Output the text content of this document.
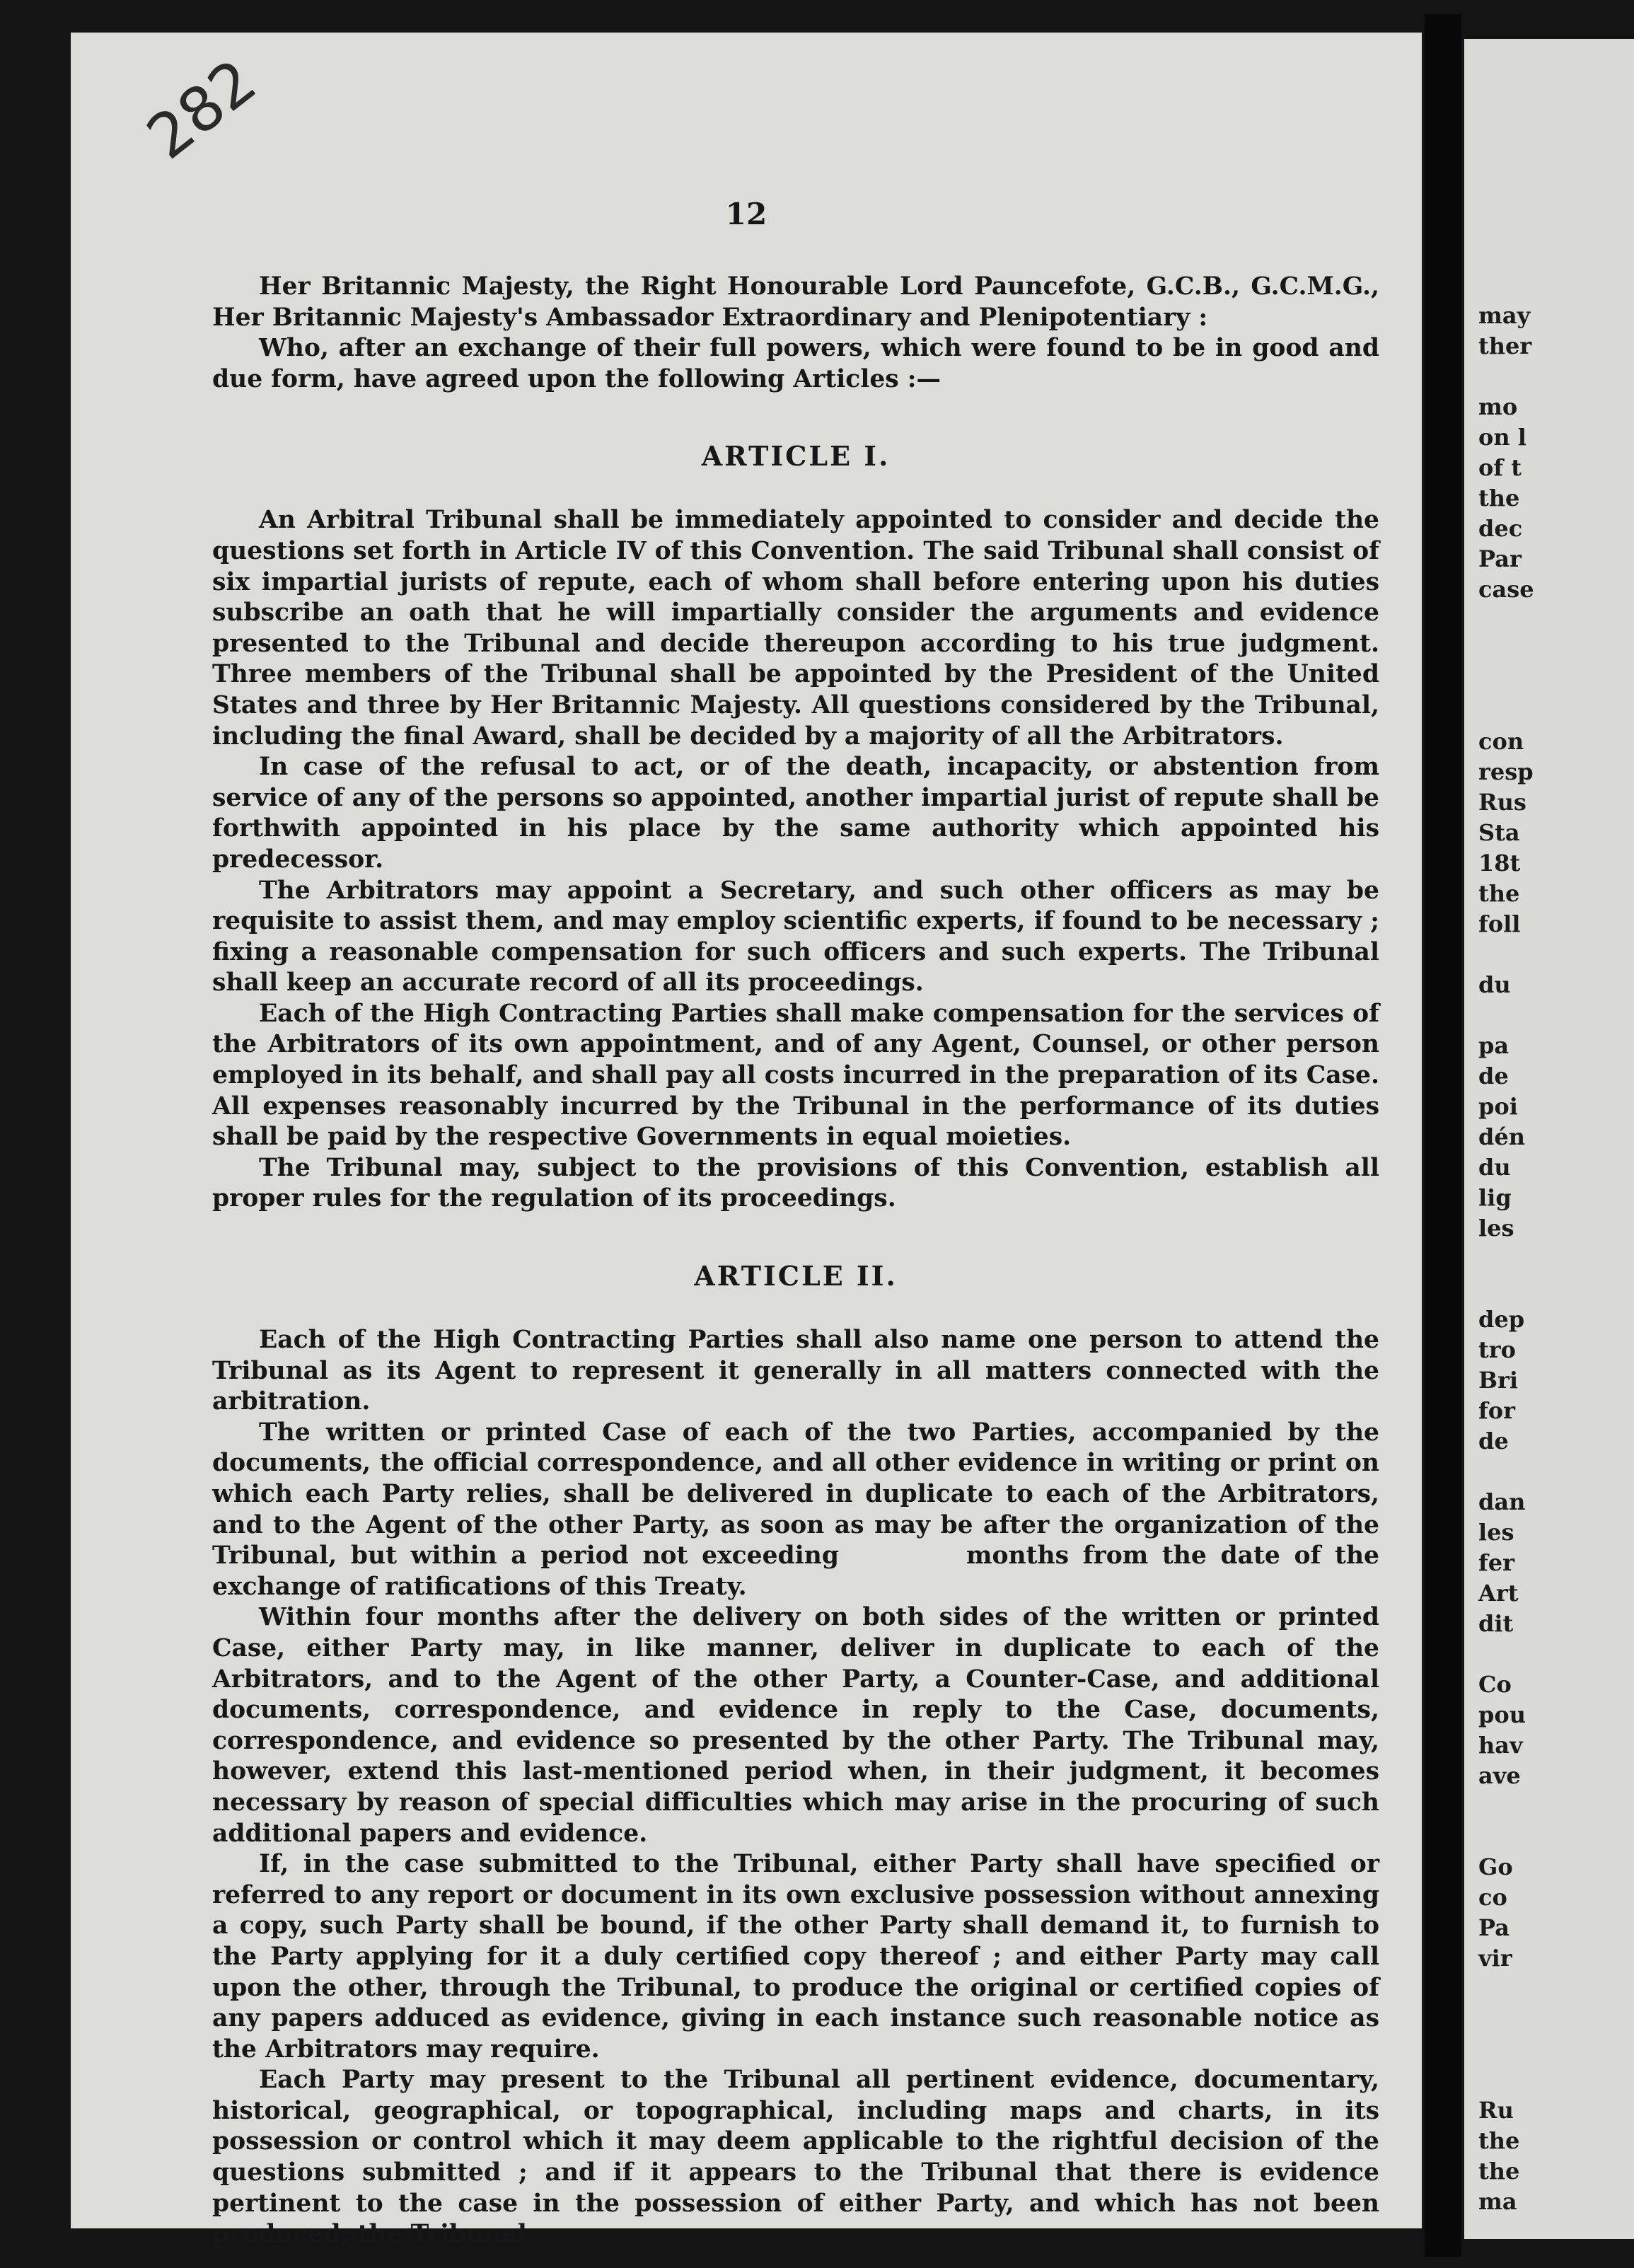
282
12

Her Britannic Majesty, the Right Honourable Lord Pauncefote, G.C.B., G.C.M.G., Her Britannic Majesty's Ambassador Extraordinary and Plenipotentiary :

Who, after an exchange of their full powers, which were found to be in good and due form, have agreed upon the following Articles :—

ARTICLE I.

An Arbitral Tribunal shall be immediately appointed to consider and decide the questions set forth in Article IV of this Convention. The said Tribunal shall consist of six impartial jurists of repute, each of whom shall before entering upon his duties subscribe an oath that he will impartially consider the arguments and evidence presented to the Tribunal and decide thereupon according to his true judgment. Three members of the Tribunal shall be appointed by the President of the United States and three by Her Britannic Majesty. All questions considered by the Tribunal, including the final Award, shall be decided by a majority of all the Arbitrators.

In case of the refusal to act, or of the death, incapacity, or abstention from service of any of the persons so appointed, another impartial jurist of repute shall be forthwith appointed in his place by the same authority which appointed his predecessor.

The Arbitrators may appoint a Secretary, and such other officers as may be requisite to assist them, and may employ scientific experts, if found to be necessary ; fixing a reasonable compensation for such officers and such experts. The Tribunal shall keep an accurate record of all its proceedings.

Each of the High Contracting Parties shall make compensation for the services of the Arbitrators of its own appointment, and of any Agent, Counsel, or other person employed in its behalf, and shall pay all costs incurred in the preparation of its Case. All expenses reasonably incurred by the Tribunal in the performance of its duties shall be paid by the respective Governments in equal moieties.

The Tribunal may, subject to the provisions of this Convention, establish all proper rules for the regulation of its proceedings.

ARTICLE II.

Each of the High Contracting Parties shall also name one person to attend the Tribunal as its Agent to represent it generally in all matters connected with the arbitration.

The written or printed Case of each of the two Parties, accompanied by the documents, the official correspondence, and all other evidence in writing or print on which each Party relies, shall be delivered in duplicate to each of the Arbitrators, and to the Agent of the other Party, as soon as may be after the organization of the Tribunal, but within a period not exceeding	months from the date of the exchange of ratifications of this Treaty.

Within four months after the delivery on both sides of the written or printed Case, either Party may, in like manner, deliver in duplicate to each of the Arbitrators, and to the Agent of the other Party, a Counter-Case, and additional documents, correspondence, and evidence in reply to the Case, documents, correspondence, and evidence so presented by the other Party. The Tribunal may, however, extend this last-mentioned period when, in their judgment, it becomes necessary by reason of special difficulties which may arise in the procuring of such additional papers and evidence.

If, in the case submitted to the Tribunal, either Party shall have specified or referred to any report or document in its own exclusive possession without annexing a copy, such Party shall be bound, if the other Party shall demand it, to furnish to the Party applying for it a duly certified copy thereof ; and either Party may call upon the other, through the Tribunal, to produce the original or certified copies of any papers adduced as evidence, giving in each instance such reasonable notice as the Arbitrators may require.

Each Party may present to the Tribunal all pertinent evidence, documentary, historical, geographical, or topographical, including maps and charts, in its possession or control which it may deem applicable to the rightful decision of the questions submitted ; and if it appears to the Tribunal that there is evidence pertinent to the case in the possession of either Party, and which has not been produced, the Tribunal

may
ther
mo
on l
of t
the
dec
Par
case
con
resp
Rus
Sta
18t
the
foll
du
pa
de
poi
dén
du
lig
les
dep
tro
Bri
for
de
dan
les
fer
Art
dit
Co
pou
hav
ave
Go
co
Pa
vir
Ru
the
the
ma
